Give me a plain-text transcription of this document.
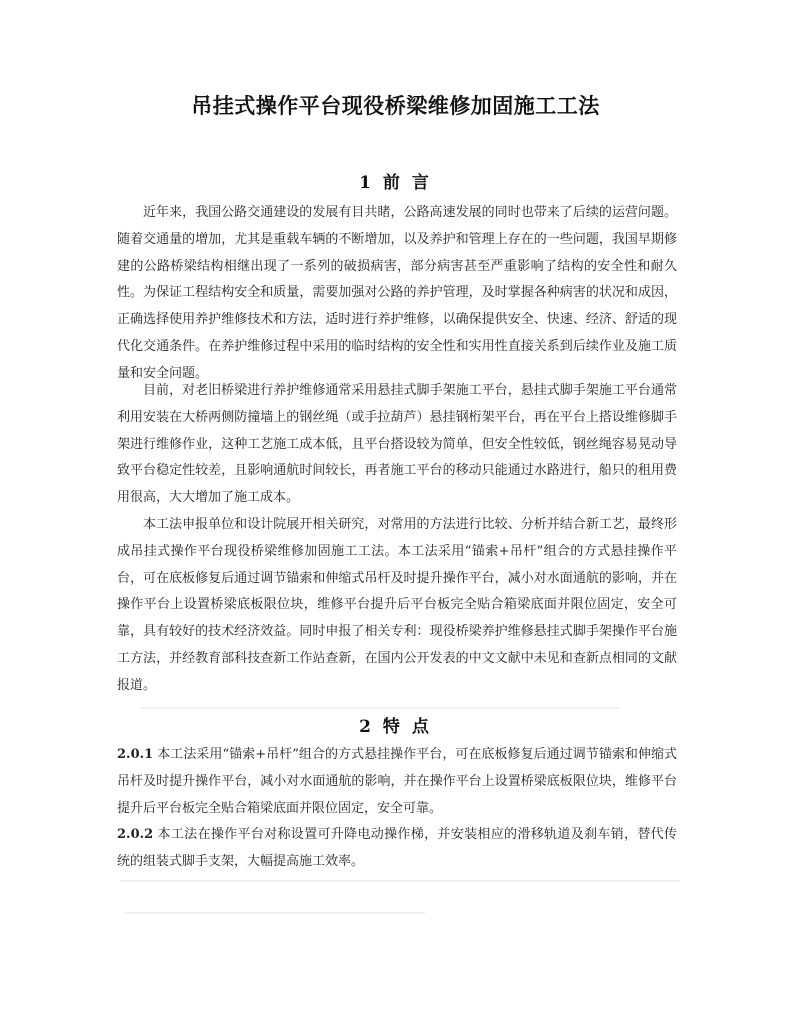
吊挂式操作平台现役桥梁维修加固施工工法
1 前 言
近年来，我国公路交通建设的发展有目共睹，公路高速发展的同时也带来了后续的运营问题。随着交通量的增加，尤其是重载车辆的不断增加，以及养护和管理上存在的一些问题，我国早期修建的公路桥梁结构相继出现了一系列的破损病害，部分病害甚至严重影响了结构的安全性和耐久性。为保证工程结构安全和质量，需要加强对公路的养护管理，及时掌握各种病害的状况和成因，正确选择使用养护维修技术和方法，适时进行养护维修，以确保提供安全、快速、经济、舒适的现代化交通条件。在养护维修过程中采用的临时结构的安全性和实用性直接关系到后续作业及施工质量和安全问题。
目前，对老旧桥梁进行养护维修通常采用悬挂式脚手架施工平台，悬挂式脚手架施工平台通常利用安装在大桥两侧防撞墙上的钢丝绳（或手拉葫芦）悬挂钢桁架平台，再在平台上搭设维修脚手架进行维修作业，这种工艺施工成本低，且平台搭设较为简单，但安全性较低，钢丝绳容易晃动导致平台稳定性较差，且影响通航时间较长，再者施工平台的移动只能通过水路进行，船只的租用费用很高，大大增加了施工成本。
本工法申报单位和设计院展开相关研究，对常用的方法进行比较、分析并结合新工艺，最终形成吊挂式操作平台现役桥梁维修加固施工工法。本工法采用“锚索+吊杆”组合的方式悬挂操作平台，可在底板修复后通过调节锚索和伸缩式吊杆及时提升操作平台，减小对水面通航的影响，并在操作平台上设置桥梁底板限位块，维修平台提升后平台板完全贴合箱梁底面并限位固定，安全可靠，具有较好的技术经济效益。同时申报了相关专利：现役桥梁养护维修悬挂式脚手架操作平台施工方法，并经教育部科技查新工作站查新，在国内公开发表的中文文献中未见和查新点相同的文献报道。
2 特 点
2.0.1 本工法采用“锚索+吊杆”组合的方式悬挂操作平台，可在底板修复后通过调节锚索和伸缩式吊杆及时提升操作平台，减小对水面通航的影响，并在操作平台上设置桥梁底板限位块，维修平台提升后平台板完全贴合箱梁底面并限位固定，安全可靠。
2.0.2 本工法在操作平台对称设置可升降电动操作梯，并安装相应的滑移轨道及刹车销，替代传统的组装式脚手支架，大幅提高施工效率。
